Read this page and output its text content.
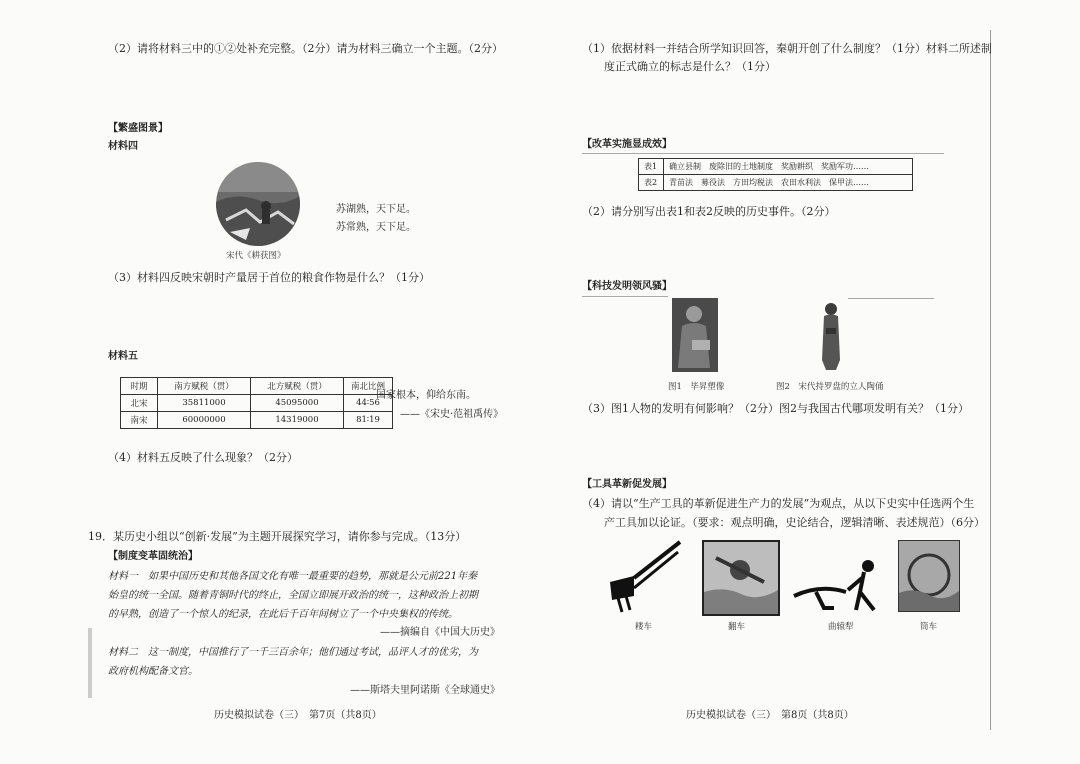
（2）请将材料三中的①②处补充完整。（2分）请为材料三确立一个主题。（2分）
【繁盛图景】
材料四
宋代《耕获图》
苏湖熟，天下足。
苏常熟，天下足。
（3）材料四反映宋朝时产量居于首位的粮食作物是什么？（1分）
材料五
时期	南方赋税（贯）	北方赋税（贯）	南北比例
北宋	35811000	45095000	44∶56
南宋	60000000	14319000	81∶19
国家根本，仰给东南。
——《宋史·范祖禹传》
（4）材料五反映了什么现象？（2分）
19．某历史小组以“创新·发展”为主题开展探究学习，请你参与完成。（13分）
【制度变革固统治】
材料一　如果中国历史和其他各国文化有唯一最重要的趋势，那就是公元前221年秦
始皇的统一全国。随着青铜时代的终止，全国立即展开政治的统一，这种政治上初期
的早熟，创造了一个惊人的纪录，在此后千百年间树立了一个中央集权的传统。
——摘编自《中国大历史》
材料二　这一制度，中国推行了一千三百余年；他们通过考试，品评人才的优劣，为
政府机构配备文官。
——斯塔夫里阿诺斯《全球通史》
历史模拟试卷（三）　第7页（共8页）
（1）依据材料一并结合所学知识回答，秦朝开创了什么制度？（1分）材料二所述制
度正式确立的标志是什么？（1分）
【改革实施显成效】
表1	确立县制　废除旧的土地制度　奖励耕织　奖励军功……
表2	青苗法　募役法　方田均税法　农田水利法　保甲法……
（2）请分别写出表1和表2反映的历史事件。（2分）
【科技发明领风骚】
图1　毕昇塑像	图2　宋代持罗盘的立人陶俑
（3）图1人物的发明有何影响？（2分）图2与我国古代哪项发明有关？（1分）
【工具革新促发展】
（4）请以“生产工具的革新促进生产力的发展”为观点，从以下史实中任选两个生
产工具加以论证。（要求：观点明确，史论结合，逻辑清晰、表述规范）（6分）
耧车	翻车	曲辕犁	筒车
历史模拟试卷（三）　第8页（共8页）
